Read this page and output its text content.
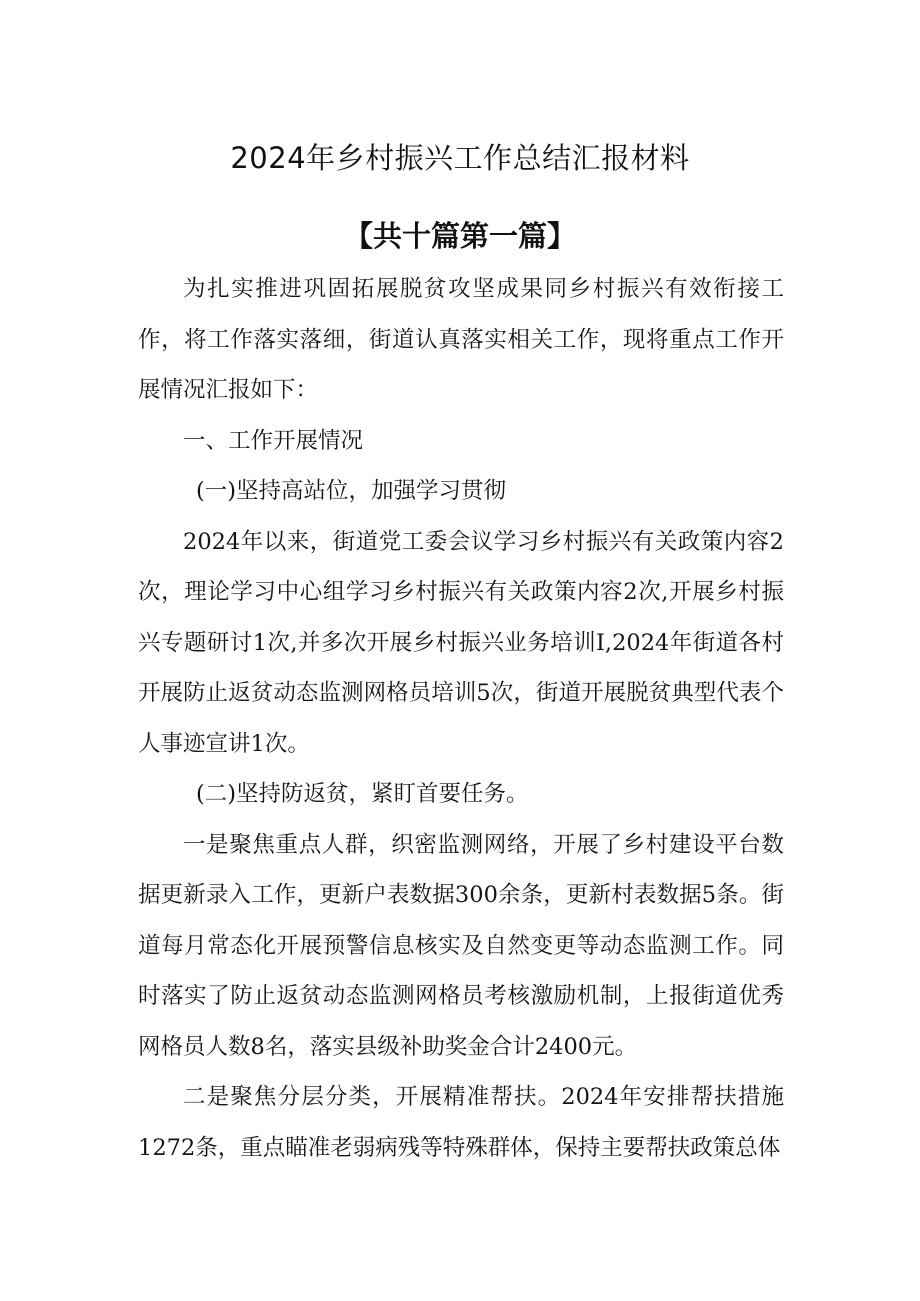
2024年乡村振兴工作总结汇报材料
【共十篇第一篇】

为扎实推进巩固拓展脱贫攻坚成果同乡村振兴有效衔接工作，将工作落实落细，街道认真落实相关工作，现将重点工作开展情况汇报如下：

一、工作开展情况

(一)坚持高站位，加强学习贯彻

2024年以来，街道党工委会议学习乡村振兴有关政策内容2次，理论学习中心组学习乡村振兴有关政策内容2次,开展乡村振兴专题研讨1次,并多次开展乡村振兴业务培训I,2024年街道各村开展防止返贫动态监测网格员培训5次，街道开展脱贫典型代表个人事迹宣讲1次。

(二)坚持防返贫，紧盯首要任务。

一是聚焦重点人群，织密监测网络，开展了乡村建设平台数据更新录入工作，更新户表数据300余条，更新村表数据5条。街道每月常态化开展预警信息核实及自然变更等动态监测工作。同时落实了防止返贫动态监测网格员考核激励机制，上报街道优秀网格员人数8名，落实县级补助奖金合计2400元。

二是聚焦分层分类，开展精准帮扶。2024年安排帮扶措施1272条，重点瞄准老弱病残等特殊群体，保持主要帮扶政策总体
